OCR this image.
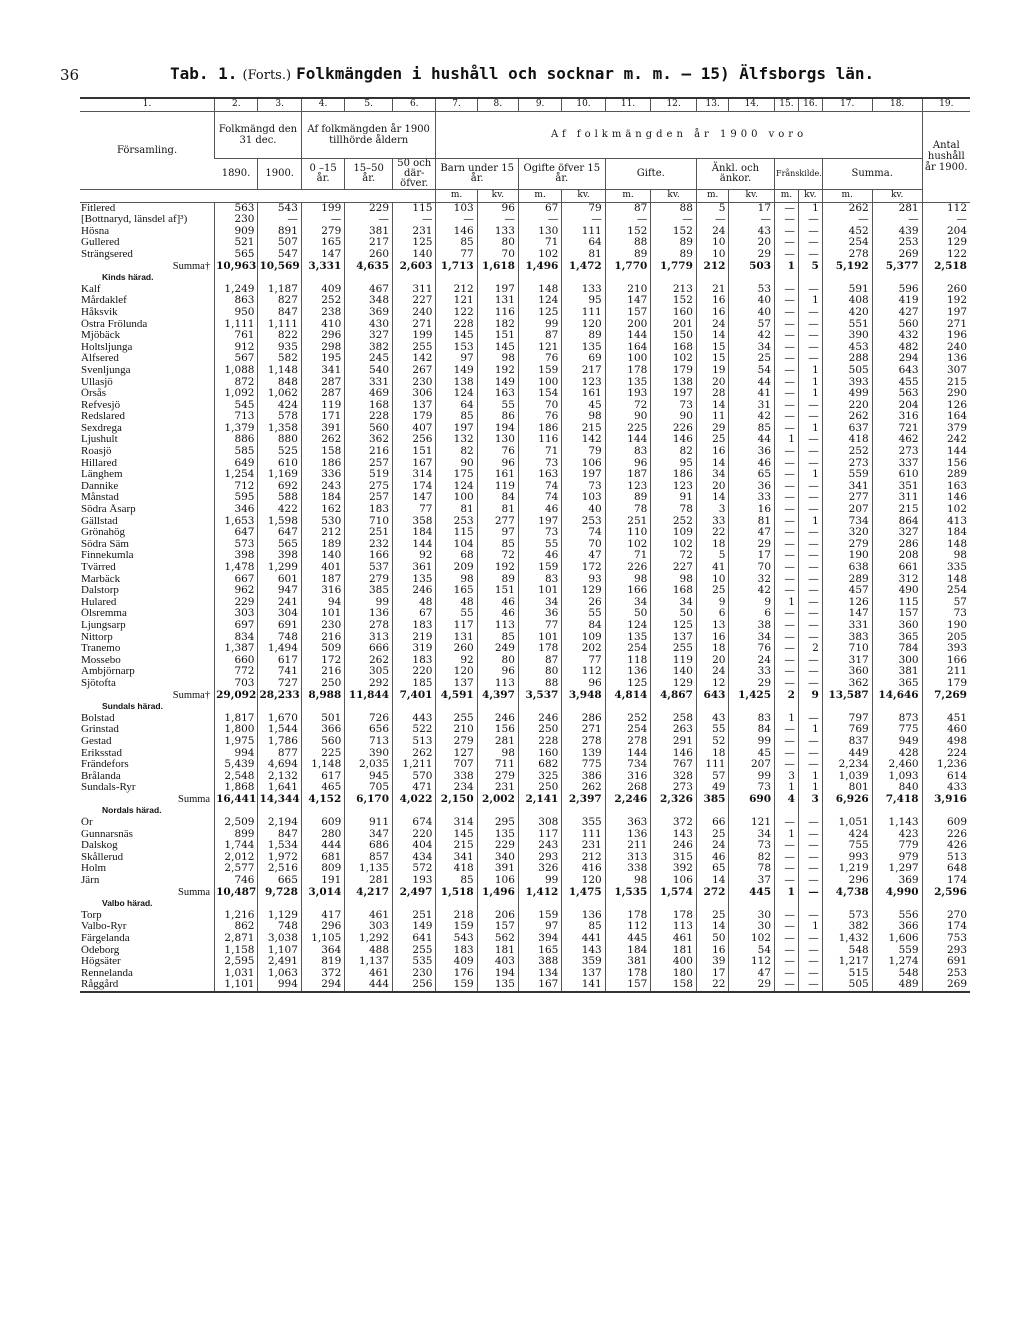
36	Tab. 1. (Forts.) Folkmängden i hushåll och socknar m. m. — 15) Älfsborgs län.
1.	2.	3.	4.	5.	6.	7.	8.	9.	10.	11.	12.	13.	14.	15.	16.	17.	18.	19.
Församling.	Folkmängd den 31 dec.		Af folkmängden år 1900 tillhörde åldern			Af folkmängden år 1900 voro												Antal hushåll år 1900.
	1890.	1900.	0 –15 år.	15–50 år.	50 och där-öfver.	Barn under 15 år.		Ogifte öfver 15 år.		Gifte.		Änkl. och änkor.		Frånskilde.		Summa.		
						m.	kv.	m.	kv.	m.	kv.	m.	kv.	m.	kv.	m.	kv.	
Fitlered	563	543	199	229	115	103	96	67	79	87	88	5	17	—	1	262	281	112
[Bottnaryd, länsdel af]³)	230	—	—	—	—	—	—	—	—	—	—	—	—	—	—	—	—	—
Hösna	909	891	279	381	231	146	133	130	111	152	152	24	43	—	—	452	439	204
Gullered	521	507	165	217	125	85	80	71	64	88	89	10	20	—	—	254	253	129
Strängsered	565	547	147	260	140	77	70	102	81	89	89	10	29	—	—	278	269	122
Summa†	10,963	10,569	3,331	4,635	2,603	1,713	1,618	1,496	1,472	1,770	1,779	212	503	1	5	5,192	5,377	2,518
Kinds härad.																		
Kalf	1,249	1,187	409	467	311	212	197	148	133	210	213	21	53	—	—	591	596	260
Mårdaklef	863	827	252	348	227	121	131	124	95	147	152	16	40	—	1	408	419	192
Håksvik	950	847	238	369	240	122	116	125	111	157	160	16	40	—	—	420	427	197
Östra Frölunda	1,111	1,111	410	430	271	228	182	99	120	200	201	24	57	—	—	551	560	271
Mjöbäck	761	822	296	327	199	145	151	87	89	144	150	14	42	—	—	390	432	196
Holtsljunga	912	935	298	382	255	153	145	121	135	164	168	15	34	—	—	453	482	240
Älfsered	567	582	195	245	142	97	98	76	69	100	102	15	25	—	—	288	294	136
Svenljunga	1,088	1,148	341	540	267	149	192	159	217	178	179	19	54	—	1	505	643	307
Ullasjö	872	848	287	331	230	138	149	100	123	135	138	20	44	—	1	393	455	215
Örsås	1,092	1,062	287	469	306	124	163	154	161	193	197	28	41	—	1	499	563	290
Refvesjö	545	424	119	168	137	64	55	70	45	72	73	14	31	—	—	220	204	126
Redslared	713	578	171	228	179	85	86	76	98	90	90	11	42	—	—	262	316	164
Sexdrega	1,379	1,358	391	560	407	197	194	186	215	225	226	29	85	—	1	637	721	379
Ljushult	886	880	262	362	256	132	130	116	142	144	146	25	44	1	—	418	462	242
Roasjö	585	525	158	216	151	82	76	71	79	83	82	16	36	—	—	252	273	144
Hillared	649	610	186	257	167	90	96	73	106	96	95	14	46	—	—	273	337	156
Länghem	1,254	1,169	336	519	314	175	161	163	197	187	186	34	65	—	1	559	610	289
Dannike	712	692	243	275	174	124	119	74	73	123	123	20	36	—	—	341	351	163
Månstad	595	588	184	257	147	100	84	74	103	89	91	14	33	—	—	277	311	146
Södra Åsarp	346	422	162	183	77	81	81	46	40	78	78	3	16	—	—	207	215	102
Gällstad	1,653	1,598	530	710	358	253	277	197	253	251	252	33	81	—	1	734	864	413
Grönahög	647	647	212	251	184	115	97	73	74	110	109	22	47	—	—	320	327	184
Södra Säm	573	565	189	232	144	104	85	55	70	102	102	18	29	—	—	279	286	148
Finnekumla	398	398	140	166	92	68	72	46	47	71	72	5	17	—	—	190	208	98
Tvärred	1,478	1,299	401	537	361	209	192	159	172	226	227	41	70	—	—	638	661	335
Marbäck	667	601	187	279	135	98	89	83	93	98	98	10	32	—	—	289	312	148
Dalstorp	962	947	316	385	246	165	151	101	129	166	168	25	42	—	—	457	490	254
Hulared	229	241	94	99	48	48	46	34	26	34	34	9	9	1	—	126	115	57
Ölsremma	303	304	101	136	67	55	46	36	55	50	50	6	6	—	—	147	157	73
Ljungsarp	697	691	230	278	183	117	113	77	84	124	125	13	38	—	—	331	360	190
Nittorp	834	748	216	313	219	131	85	101	109	135	137	16	34	—	—	383	365	205
Tranemo	1,387	1,494	509	666	319	260	249	178	202	254	255	18	76	—	2	710	784	393
Mossebo	660	617	172	262	183	92	80	87	77	118	119	20	24	—	—	317	300	166
Ambjörnarp	772	741	216	305	220	120	96	80	112	136	140	24	33	—	—	360	381	211
Sjötofta	703	727	250	292	185	137	113	88	96	125	129	12	29	—	—	362	365	179
Summa†	29,092	28,233	8,988	11,844	7,401	4,591	4,397	3,537	3,948	4,814	4,867	643	1,425	2	9	13,587	14,646	7,269
Sundals härad.																		
Bolstad	1,817	1,670	501	726	443	255	246	246	286	252	258	43	83	1	—	797	873	451
Grinstad	1,800	1,544	366	656	522	210	156	250	271	254	263	55	84	—	1	769	775	460
Gestad	1,975	1,786	560	713	513	279	281	228	278	278	291	52	99	—	—	837	949	498
Eriksstad	994	877	225	390	262	127	98	160	139	144	146	18	45	—	—	449	428	224
Frändefors	5,439	4,694	1,148	2,035	1,211	707	711	682	775	734	767	111	207	—	—	2,234	2,460	1,236
Brålanda	2,548	2,132	617	945	570	338	279	325	386	316	328	57	99	3	1	1,039	1,093	614
Sundals-Ryr	1,868	1,641	465	705	471	234	231	250	262	268	273	49	73	1	1	801	840	433
Summa	16,441	14,344	4,152	6,170	4,022	2,150	2,002	2,141	2,397	2,246	2,326	385	690	4	3	6,926	7,418	3,916
Nordals härad.																		
Ör	2,509	2,194	609	911	674	314	295	308	355	363	372	66	121	—	—	1,051	1,143	609
Gunnarsnäs	899	847	280	347	220	145	135	117	111	136	143	25	34	1	—	424	423	226
Dalskog	1,744	1,534	444	686	404	215	229	243	231	211	246	24	73	—	—	755	779	426
Skållerud	2,012	1,972	681	857	434	341	340	293	212	313	315	46	82	—	—	993	979	513
Holm	2,577	2,516	809	1,135	572	418	391	326	416	338	392	65	78	—	—	1,219	1,297	648
Järn	746	665	191	281	193	85	106	99	120	98	106	14	37	—	—	296	369	174
Summa	10,487	9,728	3,014	4,217	2,497	1,518	1,496	1,412	1,475	1,535	1,574	272	445	1	—	4,738	4,990	2,596
Valbo härad.																		
Torp	1,216	1,129	417	461	251	218	206	159	136	178	178	25	30	—	—	573	556	270
Valbo-Ryr	862	748	296	303	149	159	157	97	85	112	113	14	30	—	1	382	366	174
Färgelanda	2,871	3,038	1,105	1,292	641	543	562	394	441	445	461	50	102	—	—	1,432	1,606	753
Ödeborg	1,158	1,107	364	488	255	183	181	165	143	184	181	16	54	—	—	548	559	293
Högsäter	2,595	2,491	819	1,137	535	409	403	388	359	381	400	39	112	—	—	1,217	1,274	691
Rennelanda	1,031	1,063	372	461	230	176	194	134	137	178	180	17	47	—	—	515	548	253
Råggård	1,101	994	294	444	256	159	135	167	141	157	158	22	29	—	—	505	489	269
